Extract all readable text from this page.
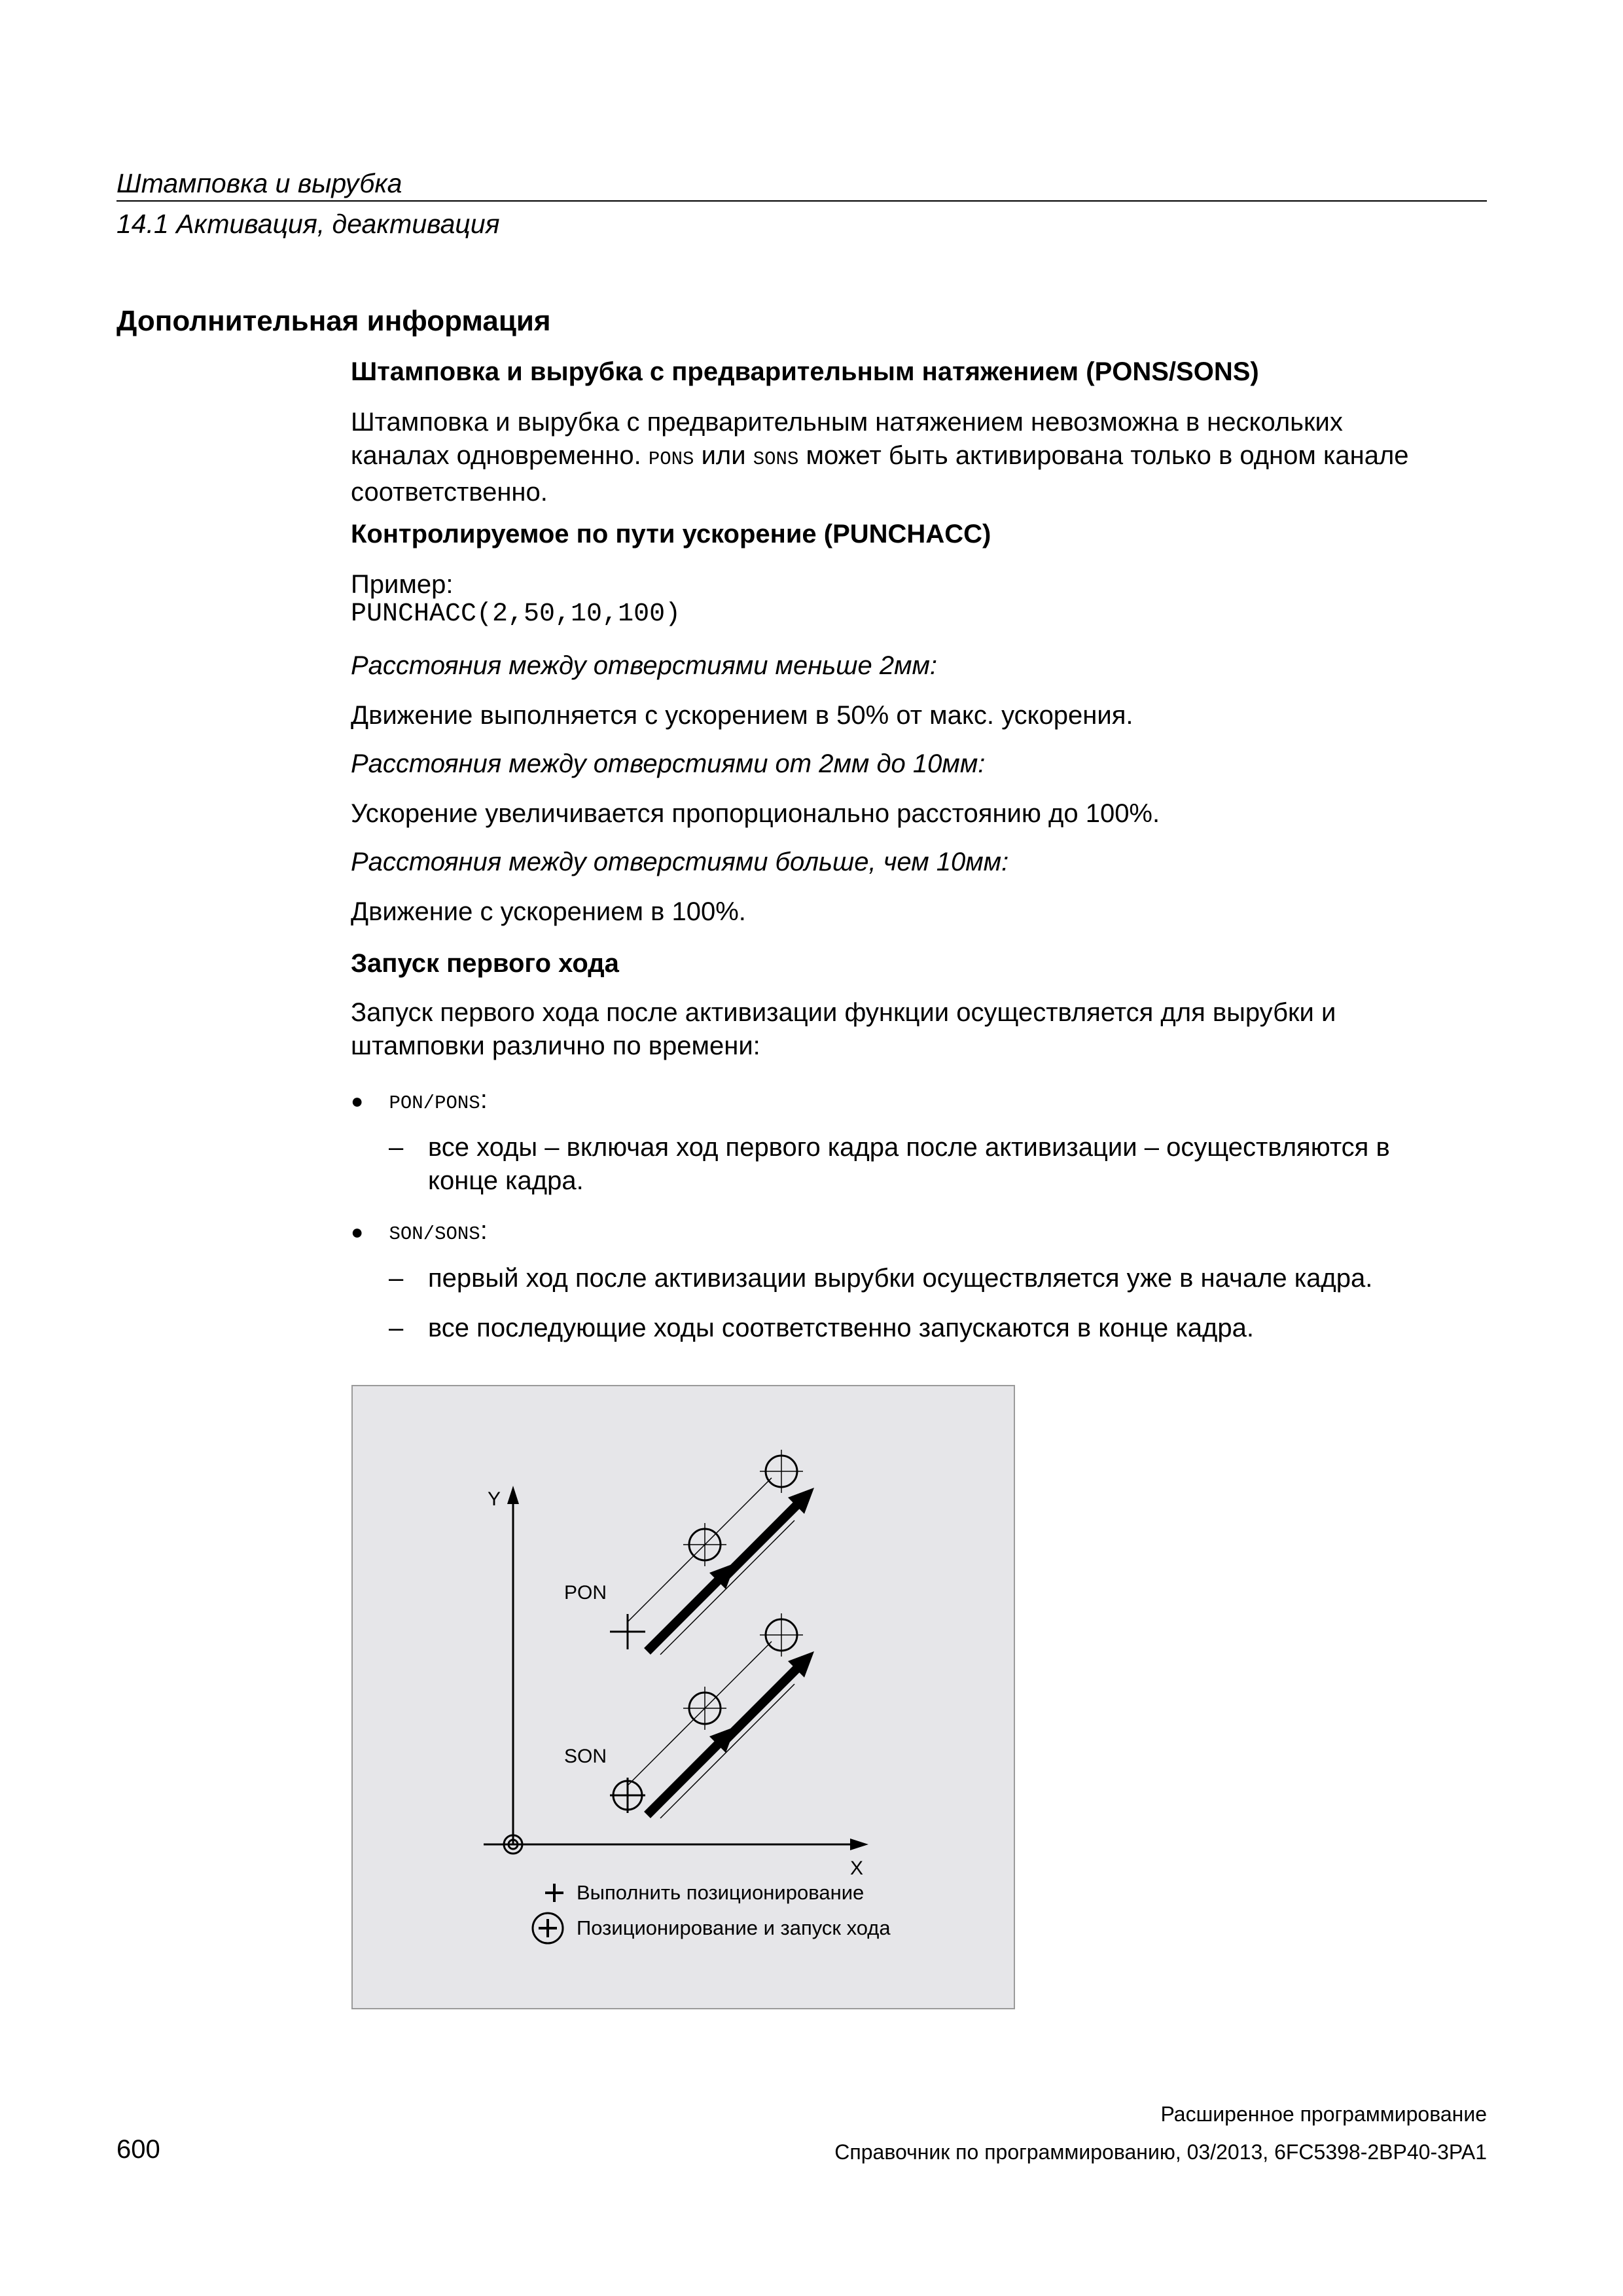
Штамповка и вырубка
14.1 Активация, деактивация
Дополнительная информация
Штамповка и вырубка с предварительным натяжением (PONS/SONS)
Штамповка и вырубка с предварительным натяжением невозможна в нескольких
каналах одновременно. PONS или SONS может быть активирована только в одном канале
соответственно.
Контролируемое по пути ускорение (PUNCHACC)
Пример:
PUNCHACC(2,50,10,100)
Расстояния между отверстиями меньше 2мм:
Движение выполняется с ускорением в 50% от макс. ускорения.
Расстояния между отверстиями от 2мм до 10мм:
Ускорение увеличивается пропорционально расстоянию до 100%.
Расстояния между отверстиями больше, чем 10мм:
Движение с ускорением в 100%.
Запуск первого хода
Запуск первого хода после активизации функции осуществляется для вырубки и
штамповки различно по времени:
● PON/PONS:
– все ходы – включая ход первого кадра после активизации – осуществляются в
конце кадра.
● SON/SONS:
– первый ход после активизации вырубки осуществляется уже в начале кадра.
– все последующие ходы соответственно запускаются в конце кадра.
Y
X
PON
SON
Выполнить позиционирование
Позиционирование и запуск хода
Расширенное программирование
600	Справочник по программированию, 03/2013, 6FC5398-2BP40-3PA1
